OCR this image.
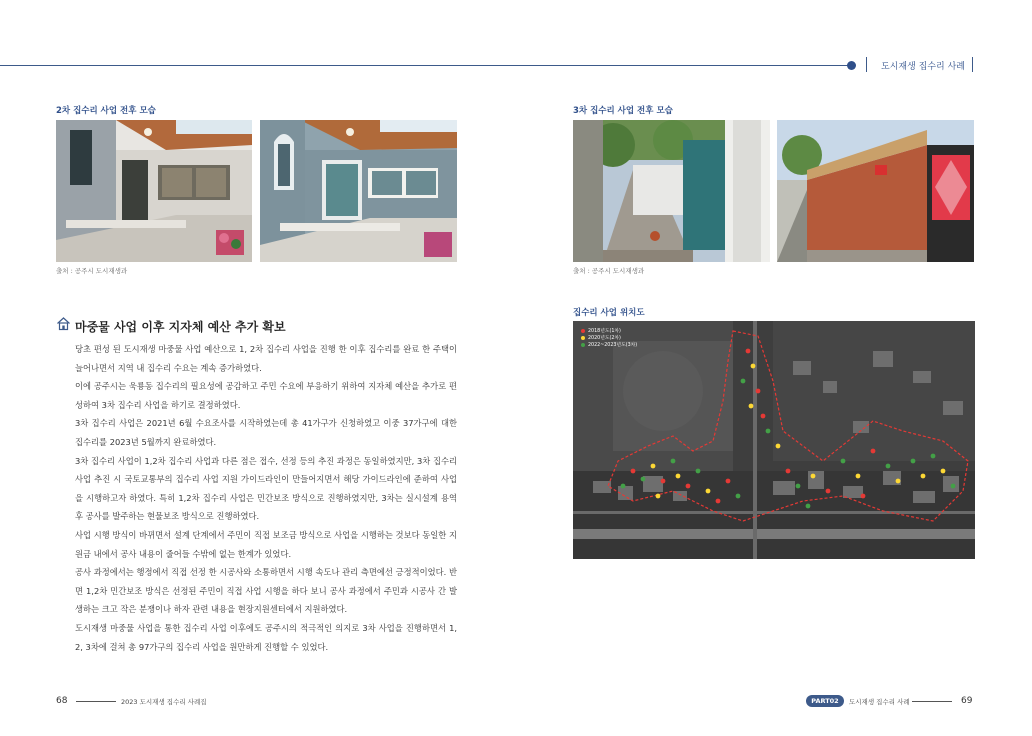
도시재생 집수리 사례
2차 집수리 사업 전후 모습
출처 : 공주시 도시재생과
3차 집수리 사업 전후 모습
출처 : 공주시 도시재생과
집수리 사업 위치도
2018년도(1차)
2020년도(2차)
2022~2023년도(3차)
마중물 사업 이후 지자체 예산 추가 확보

당초 편성 된 도시재생 마중물 사업 예산으로 1, 2차 집수리 사업을 진행 한 이후 집수리를 완료 한 주택이 늘어나면서 지역 내 집수리 수요는 계속 증가하였다.

이에 공주시는 욱룡동 집수리의 필요성에 공감하고 주민 수요에 부응하기 위하여 지자체 예산을 추가로 편성하여 3차 집수리 사업을 하기로 결정하였다.

3차 집수리 사업은 2021년 6월 수요조사를 시작하였는데 총 41가구가 신청하였고 이중 37가구에 대한 집수리를 2023년 5월까지 완료하였다.

3차 집수리 사업이 1,2차 집수리 사업과 다른 점은 접수, 선정 등의 추진 과정은 동일하였지만, 3차 집수리 사업 추진 시 국토교통부의 집수리 사업 지원 가이드라인이 만들어지면서 해당 가이드라인에 준하여 사업을 시행하고자 하였다. 특히 1,2차 집수리 사업은 민간보조 방식으로 진행하였지만, 3차는 실시설계 용역 후 공사를 발주하는 현물보조 방식으로 진행하였다.

사업 시행 방식이 바뀌면서 설계 단계에서 주민이 직접 보조금 방식으로 사업을 시행하는 것보다 동일한 지원금 내에서 공사 내용이 줄어들 수밖에 없는 한계가 있었다.

공사 과정에서는 행정에서 직접 선정 한 시공사와 소통하면서 시행 속도나 관리 측면에선 긍정적이었다. 반면 1,2차 민간보조 방식은 선정된 주민이 직접 사업 시행을 하다 보니 공사 과정에서 주민과 시공사 간 발생하는 크고 작은 분쟁이나 하자 관련 내용을 현장지원센터에서 지원하였다.

도시재생 마중물 사업을 통한 집수리 사업 이후에도 공주시의 적극적인 의지로 3차 사업을 진행하면서 1, 2, 3차에 걸쳐 총 97가구의 집수리 사업을 원만하게 진행할 수 있었다.

68	2023 도시재생 집수리 사례집	PART02	도시재생 집수리 사례	69
